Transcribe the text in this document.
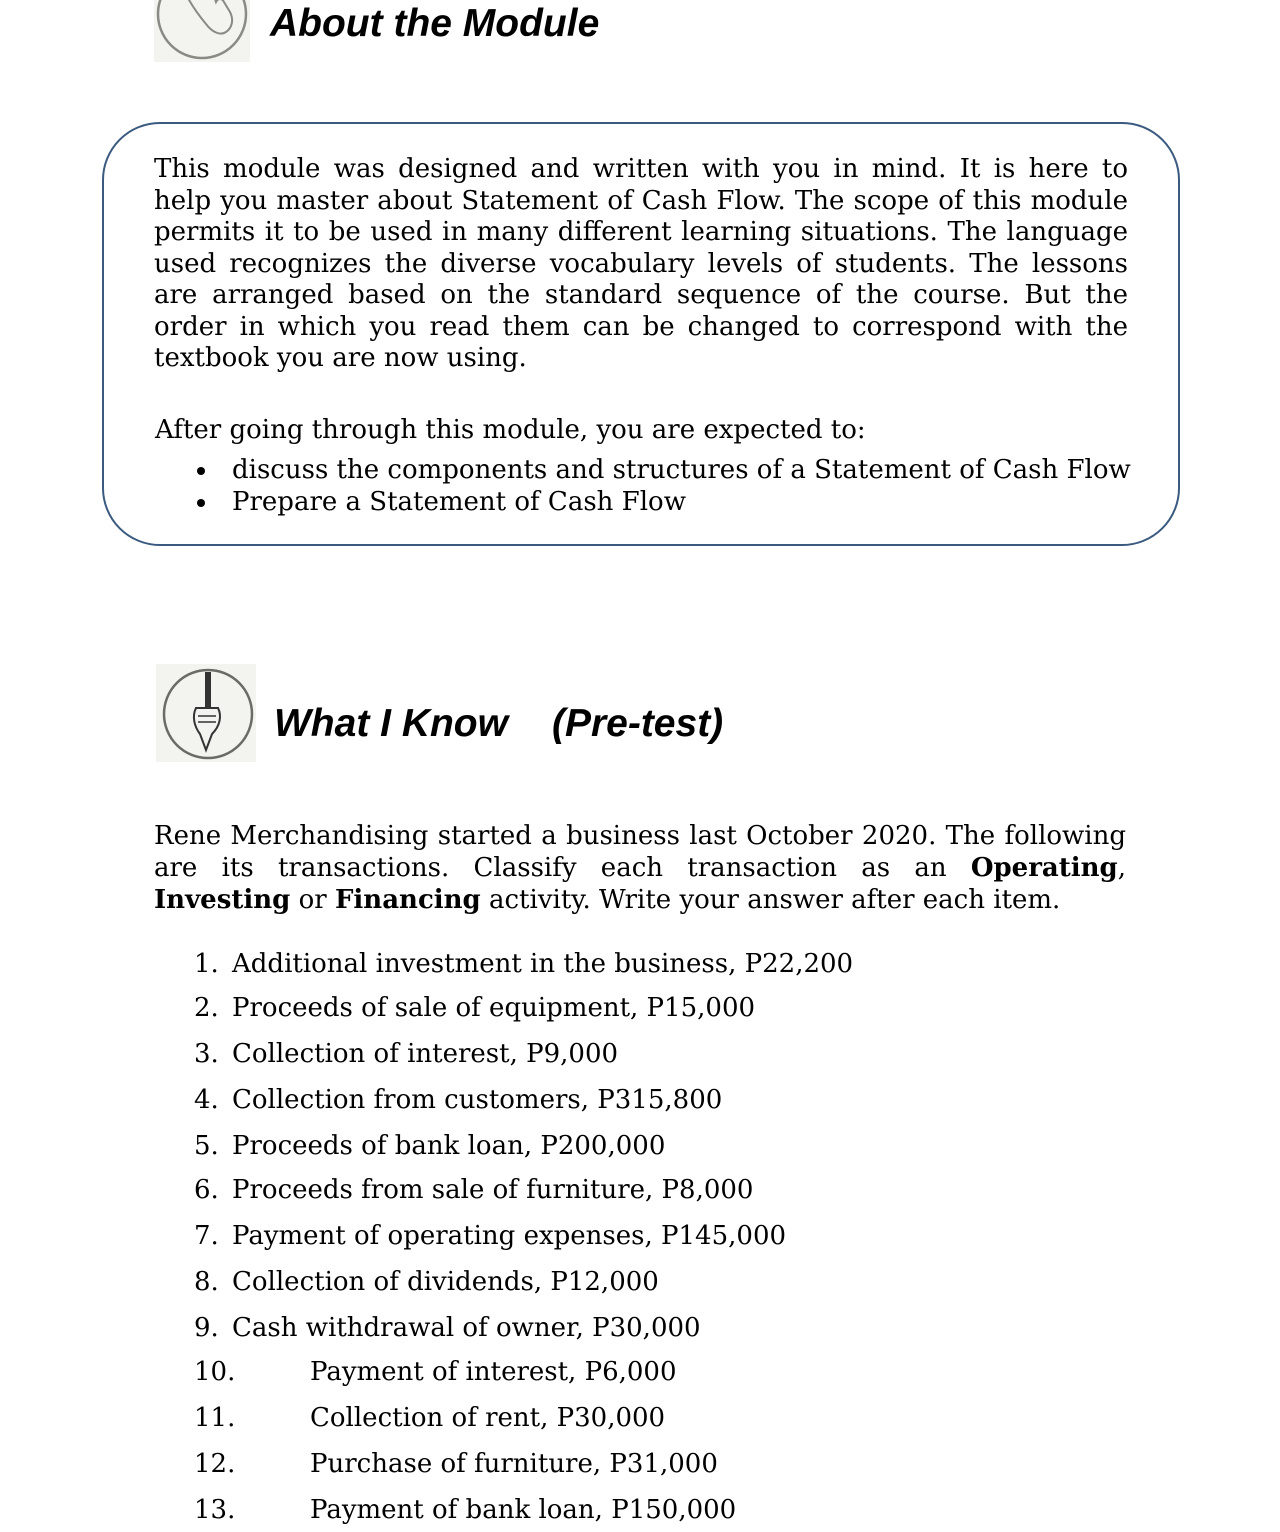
About the Module

This module was designed and written with you in mind. It is here to help you master about Statement of Cash Flow. The scope of this module permits it to be used in many different learning situations. The language used recognizes the diverse vocabulary levels of students. The lessons are arranged based on the standard sequence of the course. But the order in which you read them can be changed to correspond with the textbook you are now using.

After going through this module, you are expected to:

discuss the components and structures of a Statement of Cash Flow
Prepare a Statement of Cash Flow
What I Know (Pre-test)

Rene Merchandising started a business last October 2020. The following are its transactions. Classify each transaction as an Operating, Investing or Financing activity. Write your answer after each item.

1. Additional investment in the business, P22,200
2. Proceeds of sale of equipment, P15,000
3. Collection of interest, P9,000
4. Collection from customers, P315,800
5. Proceeds of bank loan, P200,000
6. Proceeds from sale of furniture, P8,000
7. Payment of operating expenses, P145,000
8. Collection of dividends, P12,000
9. Cash withdrawal of owner, P30,000
10.	Payment of interest, P6,000
11.	Collection of rent, P30,000
12.	Purchase of furniture, P31,000
13.	Payment of bank loan, P150,000
